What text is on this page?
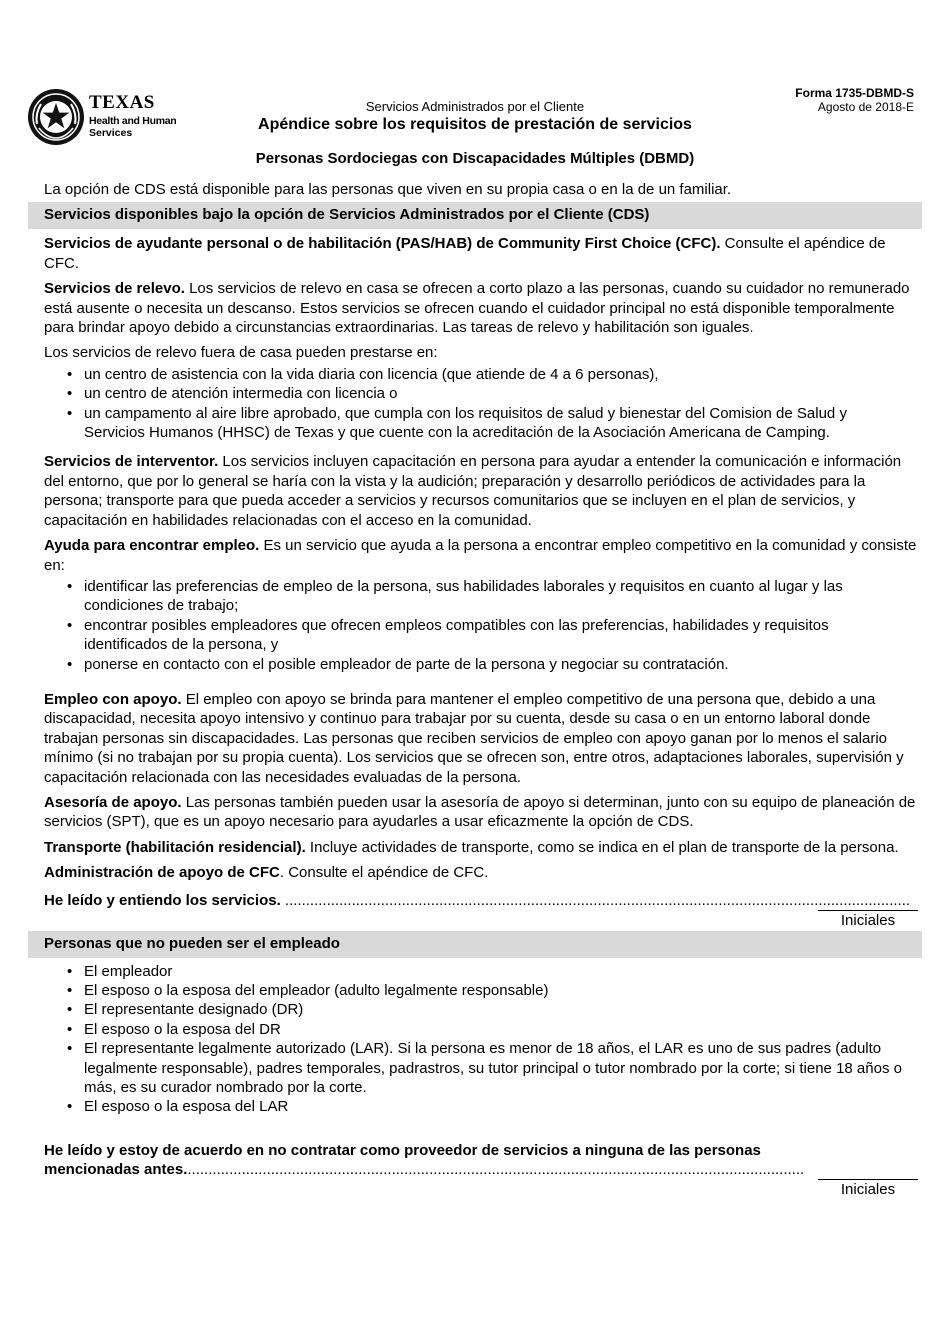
TEXAS
Health and Human
Services
Forma 1735-DBMD-S
Agosto de 2018-E
Servicios Administrados por el Cliente
Apéndice sobre los requisitos de prestación de servicios
Personas Sordociegas con Discapacidades Múltiples (DBMD)

La opción de CDS está disponible para las personas que viven en su propia casa o en la de un familiar.

Servicios disponibles bajo la opción de Servicios Administrados por el Cliente (CDS)

Servicios de ayudante personal o de habilitación (PAS/HAB) de Community First Choice (CFC). Consulte el apéndice de CFC.

Servicios de relevo. Los servicios de relevo en casa se ofrecen a corto plazo a las personas, cuando su cuidador no remunerado está ausente o necesita un descanso. Estos servicios se ofrecen cuando el cuidador principal no está disponible temporalmente para brindar apoyo debido a circunstancias extraordinarias. Las tareas de relevo y habilitación son iguales.

Los servicios de relevo fuera de casa pueden prestarse en:

• un centro de asistencia con la vida diaria con licencia (que atiende de 4 a 6 personas),
• un centro de atención intermedia con licencia o
• un campamento al aire libre aprobado, que cumpla con los requisitos de salud y bienestar del Comision de Salud y Servicios Humanos (HHSC) de Texas y que cuente con la acreditación de la Asociación Americana de Camping.

Servicios de interventor. Los servicios incluyen capacitación en persona para ayudar a entender la comunicación e información del entorno, que por lo general se haría con la vista y la audición; preparación y desarrollo periódicos de actividades para la persona; transporte para que pueda acceder a servicios y recursos comunitarios que se incluyen en el plan de servicios, y capacitación en habilidades relacionadas con el acceso en la comunidad.

Ayuda para encontrar empleo. Es un servicio que ayuda a la persona a encontrar empleo competitivo en la comunidad y consiste en:

• identificar las preferencias de empleo de la persona, sus habilidades laborales y requisitos en cuanto al lugar y las condiciones de trabajo;
• encontrar posibles empleadores que ofrecen empleos compatibles con las preferencias, habilidades y requisitos identificados de la persona, y
• ponerse en contacto con el posible empleador de parte de la persona y negociar su contratación.

Empleo con apoyo. El empleo con apoyo se brinda para mantener el empleo competitivo de una persona que, debido a una discapacidad, necesita apoyo intensivo y continuo para trabajar por su cuenta, desde su casa o en un entorno laboral donde trabajan personas sin discapacidades. Las personas que reciben servicios de empleo con apoyo ganan por lo menos el salario mínimo (si no trabajan por su propia cuenta). Los servicios que se ofrecen son, entre otros, adaptaciones laborales, supervisión y capacitación relacionada con las necesidades evaluadas de la persona.

Asesoría de apoyo. Las personas también pueden usar la asesoría de apoyo si determinan, junto con su equipo de planeación de servicios (SPT), que es un apoyo necesario para ayudarles a usar eficazmente la opción de CDS.

Transporte (habilitación residencial). Incluye actividades de transporte, como se indica en el plan de transporte de la persona.

Administración de apoyo de CFC. Consulte el apéndice de CFC.

He leído y entiendo los servicios. ......................................................................................................................................................
Iniciales
Personas que no pueden ser el empleado
• El empleador
• El esposo o la esposa del empleador (adulto legalmente responsable)
• El representante designado (DR)
• El esposo o la esposa del DR
• El representante legalmente autorizado (LAR). Si la persona es menor de 18 años, el LAR es uno de sus padres (adulto legalmente responsable), padres temporales, padrastros, su tutor principal o tutor nombrado por la corte; si tiene 18 años o más, es su curador nombrado por la corte.
• El esposo o la esposa del LAR
He leído y estoy de acuerdo en no contratar como proveedor de servicios a ninguna de las personas
mencionadas antes.....................................................................................................................................................
Iniciales
